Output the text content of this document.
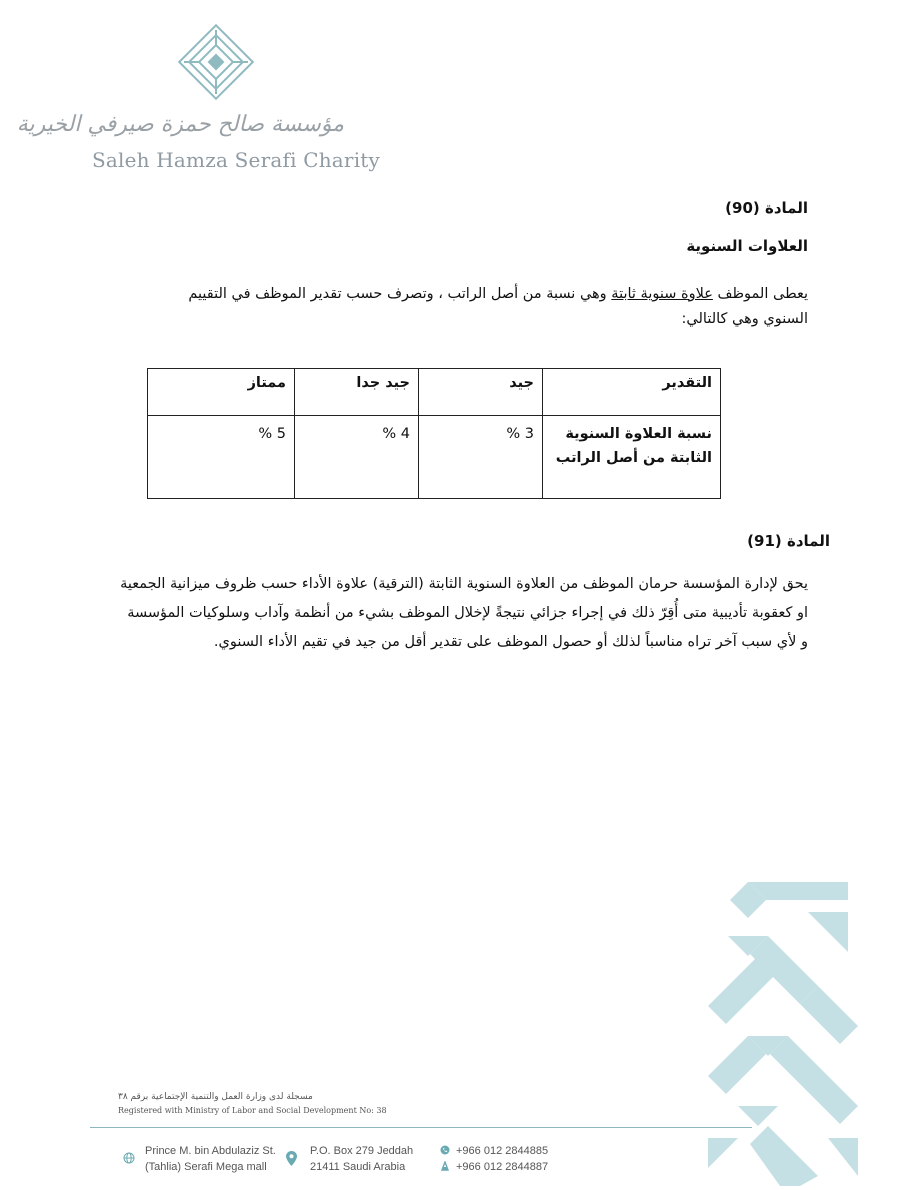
مؤسسة صالح حمزة صيرفي الخيرية
Saleh Hamza Serafi Charity
المادة (90)
العلاوات السنوية
يعطى الموظف علاوة سنوية ثابتة وهي نسبة من أصل الراتب ، وتصرف حسب تقدير الموظف في التقييم السنوي وهي كالتالي:
التقدير	جيد	جيد جدا	ممتاز
نسبة العلاوة السنوية الثابتة من أصل الراتب	3 %	4 %	5 %
المادة (91)
يحق لإدارة المؤسسة حرمان الموظف من العلاوة السنوية الثابتة (الترقية) علاوة الأداء حسب ظروف ميزانية الجمعية او كعقوبة تأديبية متى أُقِرّ ذلك في إجراء جزائي نتيجةً لإخلال الموظف بشيء من أنظمة وآداب وسلوكيات المؤسسة و لأي سبب آخر تراه مناسباً لذلك أو حصول الموظف على تقدير أقل من جيد في تقيم الأداء السنوي.
مسجلة لدى وزارة العمل والتنمية الإجتماعية برقم ٣٨
Registered with Ministry of Labor and Social Development No: 38
Prince M. bin Abdulaziz St.
(Tahlia) Serafi Mega mall
P.O. Box 279 Jeddah
21411 Saudi Arabia
+966 012 2844885
+966 012 2844887
